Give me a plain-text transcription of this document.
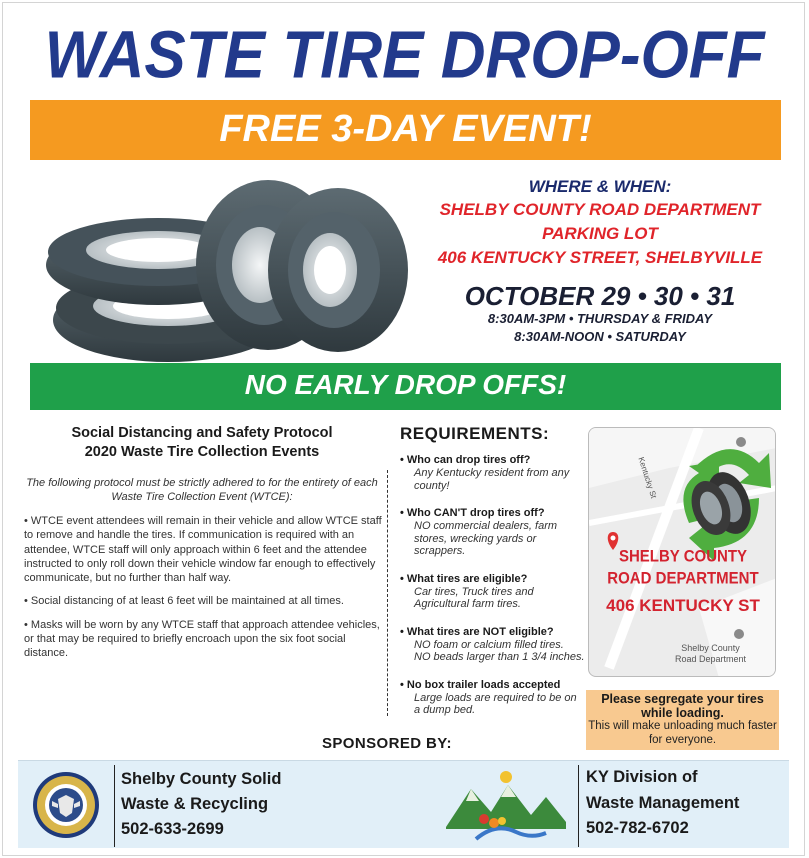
WASTE TIRE DROP-OFF
FREE 3-DAY EVENT!
WHERE & WHEN:
SHELBY COUNTY ROAD DEPARTMENT
PARKING LOT
406 KENTUCKY STREET, SHELBYVILLE
OCTOBER 29 • 30 • 31
8:30AM-3PM • THURSDAY & FRIDAY
8:30AM-NOON • SATURDAY
NO EARLY DROP OFFS!
Social Distancing and Safety Protocol
2020 Waste Tire Collection Events
The following protocol must be strictly adhered to for the entirety of each Waste Tire Collection Event (WTCE):
• WTCE event attendees will remain in their vehicle and allow WTCE staff to remove and handle the tires. If communication is required with an attendee, WTCE staff will only approach within 6 feet and the attendee instructed to only roll down their vehicle window far enough to effectively communicate, but no further than half way.
• Social distancing of at least 6 feet will be maintained at all times.
• Masks will be worn by any WTCE staff that approach attendee vehicles, or that may be required to briefly encroach upon the six foot social distance.
REQUIREMENTS:
• Who can drop tires off?
Any Kentucky resident from any county!
• Who CAN'T drop tires off?
NO commercial dealers, farm stores, wrecking yards or scrappers.
• What tires are eligible?
Car tires, Truck tires and Agricultural farm tires.
• What tires are NOT eligible?
NO foam or calcium filled tires.
NO beads larger than 1 3/4 inches.
• No box trailer loads accepted
Large loads are required to be on a dump bed.
Kentucky St
SHELBY COUNTY
ROAD DEPARTMENT
406 KENTUCKY ST
Shelby County
Road Department
Please segregate your tires while loading.
This will make unloading much faster for everyone.
SPONSORED BY:
Shelby County Solid
Waste & Recycling
502-633-2699
KY Division of
Waste Management
502-782-6702
